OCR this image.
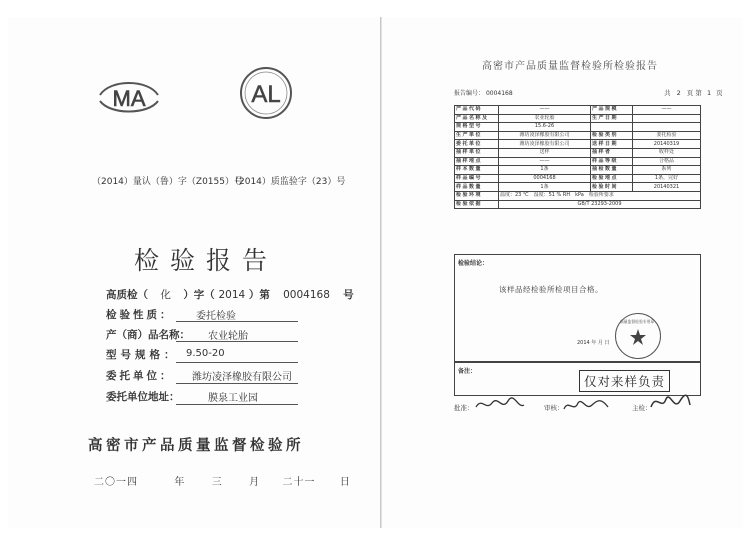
MA	AL
（2014）量认（鲁）字（Z0155）号
（2014）质监验字（23）号
检验报告
高质检（ 化 ）字（ 2014 ）第 0004168 号
检验性质： 委托检验
产（商）品名称： 农业轮胎
型号规格： 9.50-20
委托单位： 潍坊凌泽橡胶有限公司
委托单位地址：	膜泉工业园
高密市产品质量监督检验所
二〇一四	年	三	月 二十一 日
高密市产品质量监督检验所检验报告
报告编号： 0004168	共 2 页 第 1 页
产品代码	——	产品规模	——
产品名称及	农业轮胎	生产日期	
规格型号	15.6-26		
生产单位	潍坊凌泽橡胶有限公司	检验类别	委托检验
委托单位	潍坊凌泽橡胶有限公司	送样日期	20140319
抽样单位	送样	抽样者	收样处
抽样地点	——	样品等级	合格品
样本数量	1条	抽检数量	系列
样品编号	0004168	检验地点	1条，完好
样品数量	1条	检验时间	20140321
检验环境	温度：23 ℃　湿度：51 % RH　kPa　检验所要求		
检验依据	GB/T 23293-2009		
检验结论：
该样品经检验所检项目合格。
2014 年 月 日
质量监督检验专用章
备注：
仅对来样负责
批准：	审核：	主检：
